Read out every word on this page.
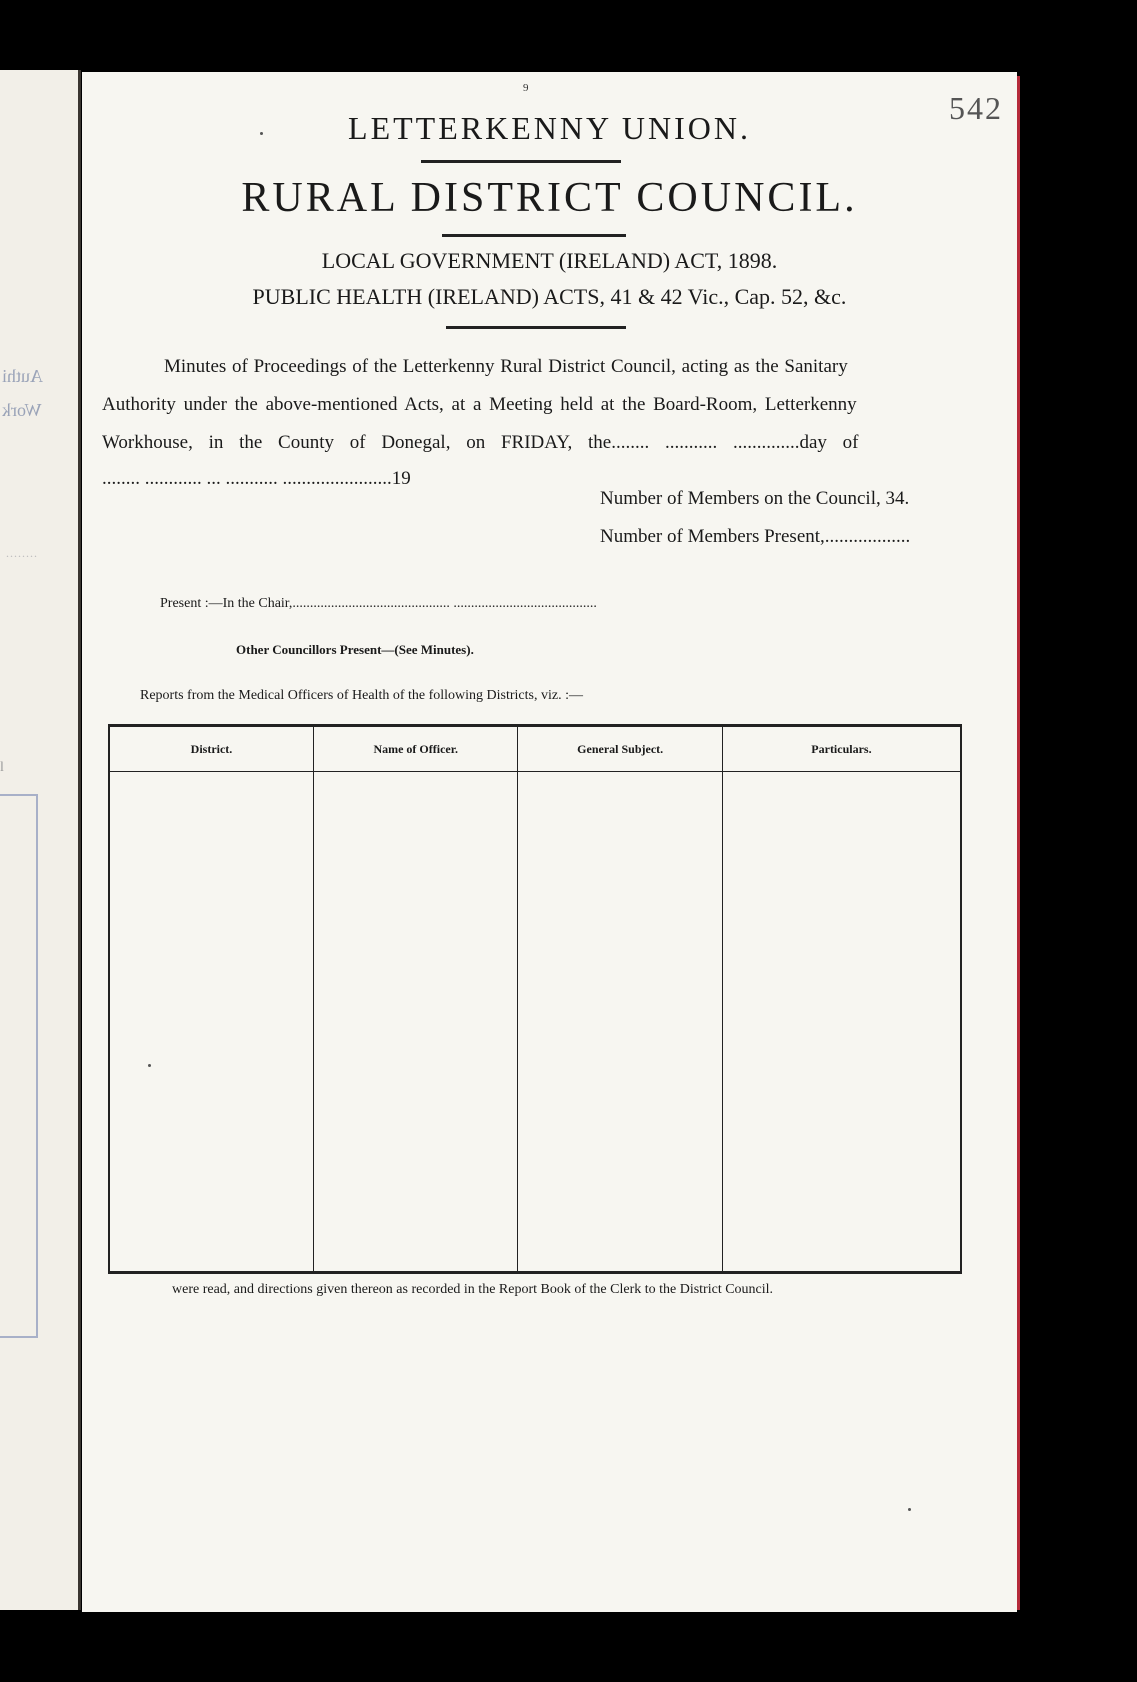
Authi
Work
........
l
9
542
LETTERKENNY UNION.
RURAL DISTRICT COUNCIL.
LOCAL GOVERNMENT (IRELAND) ACT, 1898.
PUBLIC HEALTH (IRELAND) ACTS, 41 & 42 Vic., Cap. 52, &c.
Minutes of Proceedings of the Letterkenny Rural District Council, acting as the Sanitary
Authority under the above-mentioned Acts, at a Meeting held at the Board-Room, Letterkenny
Workhouse, in the County of Donegal, on FRIDAY, the........ ........... ..............day of
........ ............ ... ........... .......................19
Number of Members on the Council, 34.
Number of Members Present,..................
Present :—In the Chair,............................................. .........................................
Other Councillors Present—(See Minutes).
Reports from the Medical Officers of Health of the following Districts, viz. :—
District.	Name of Officer.	General Subject.	Particulars.

were read, and directions given thereon as recorded in the Report Book of the Clerk to the District Council.
